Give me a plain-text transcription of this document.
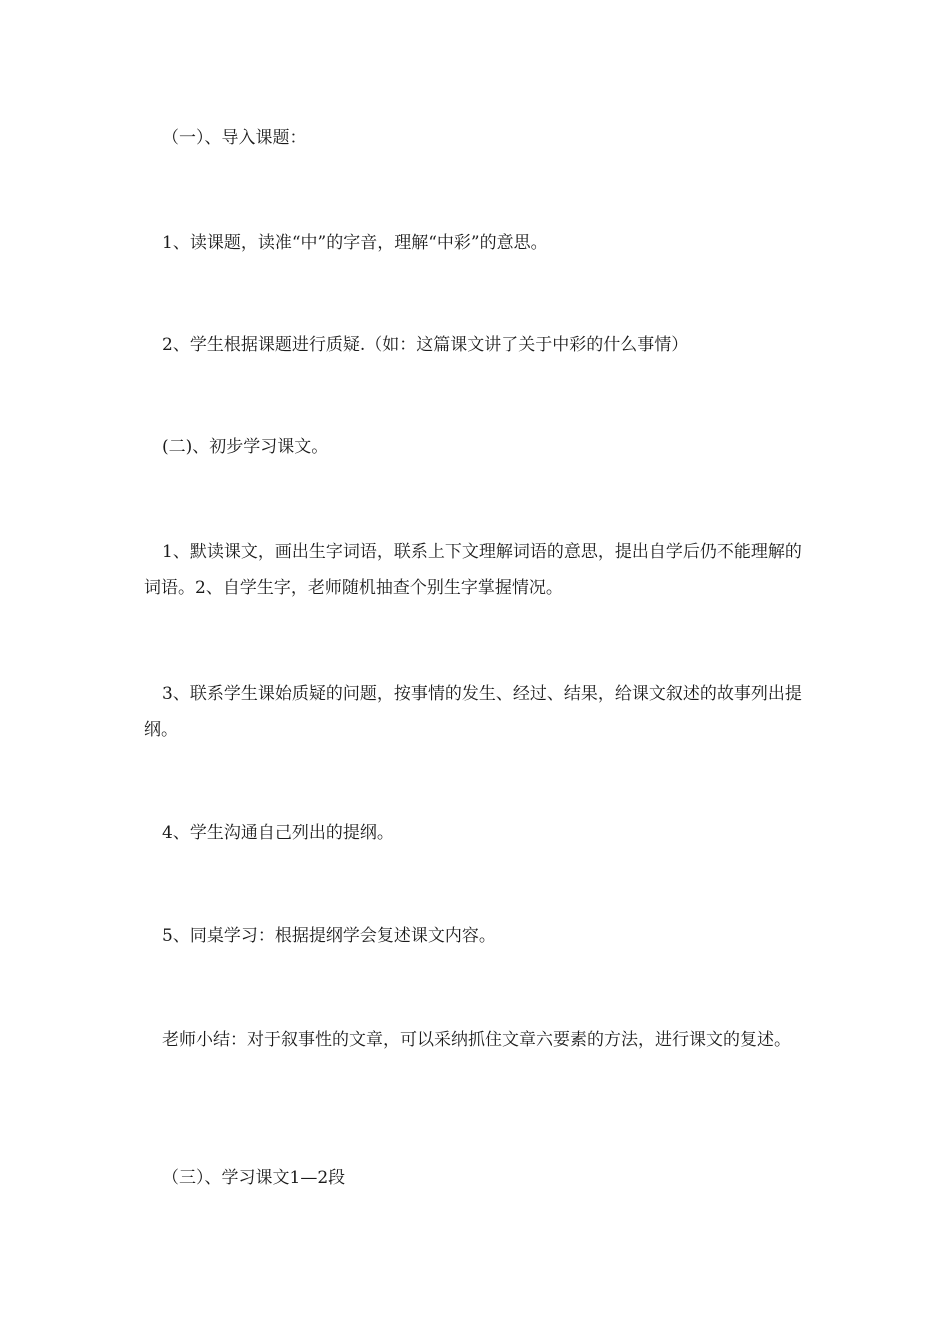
（一）、导入课题：

1、读课题，读准“中”的字音，理解“中彩”的意思。

2、学生根据课题进行质疑.（如：这篇课文讲了关于中彩的什么事情）

(二)、初步学习课文。

1、默读课文，画出生字词语，联系上下文理解词语的意思，提出自学后仍不能理解的词语。2、自学生字，老师随机抽查个别生字掌握情况。

3、联系学生课始质疑的问题，按事情的发生、经过、结果，给课文叙述的故事列出提纲。

4、学生沟通自己列出的提纲。

5、同桌学习：根据提纲学会复述课文内容。

老师小结：对于叙事性的文章，可以采纳抓住文章六要素的方法，进行课文的复述。

（三）、学习课文1—2段
